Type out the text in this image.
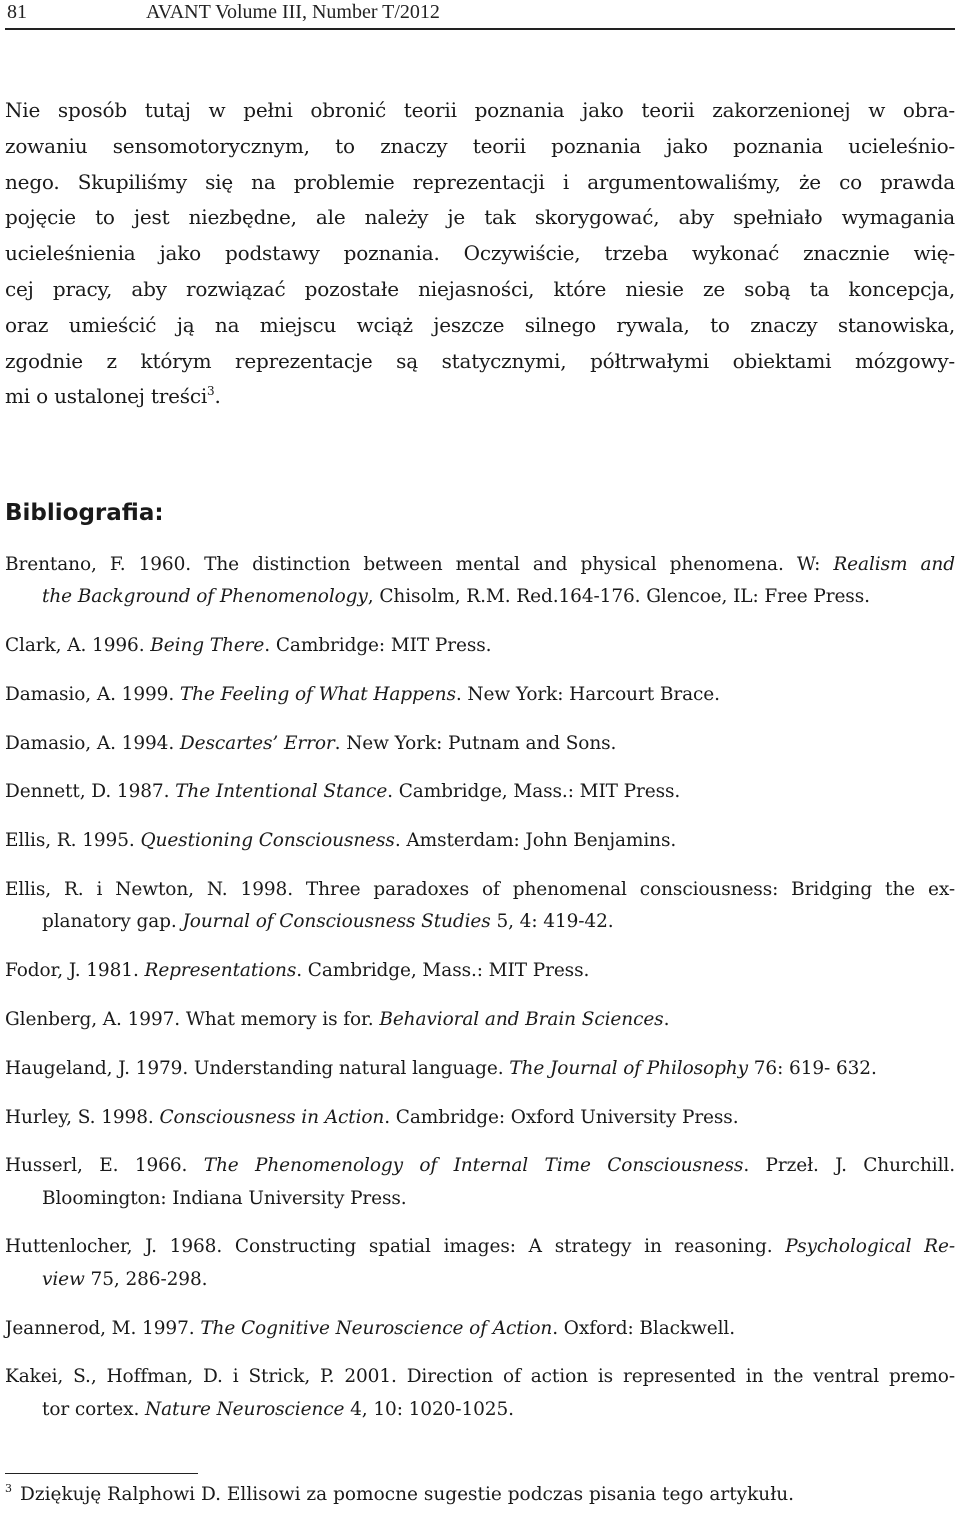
81	AVANT Volume III, Number T/2012
Nie sposób tutaj w pełni obronić teorii poznania jako teorii zakorzenionej w obra-
zowaniu sensomotorycznym, to znaczy teorii poznania jako poznania ucieleśnio-
nego. Skupiliśmy się na problemie reprezentacji i argumentowaliśmy, że co prawda
pojęcie to jest niezbędne, ale należy je tak skorygować, aby spełniało wymagania
ucieleśnienia jako podstawy poznania. Oczywiście, trzeba wykonać znacznie wię-
cej pracy, aby rozwiązać pozostałe niejasności, które niesie ze sobą ta koncepcja,
oraz umieścić ją na miejscu wciąż jeszcze silnego rywala, to znaczy stanowiska,
zgodnie z którym reprezentacje są statycznymi, półtrwałymi obiektami mózgowy-
mi o ustalonej treści$^3$.
Bibliografia:
Brentano, F. 1960. The distinction between mental and physical phenomena. W: Realism and
the Background of Phenomenology, Chisolm, R.M. Red.164-176. Glencoe, IL: Free Press.
Clark, A. 1996. Being There. Cambridge: MIT Press.
Damasio, A. 1999. The Feeling of What Happens. New York: Harcourt Brace.
Damasio, A. 1994. Descartes’ Error. New York: Putnam and Sons.
Dennett, D. 1987. The Intentional Stance. Cambridge, Mass.: MIT Press.
Ellis, R. 1995. Questioning Consciousness. Amsterdam: John Benjamins.
Ellis, R. i Newton, N. 1998. Three paradoxes of phenomenal consciousness: Bridging the ex-
planatory gap. Journal of Consciousness Studies 5, 4: 419-42.
Fodor, J. 1981. Representations. Cambridge, Mass.: MIT Press.
Glenberg, A. 1997. What memory is for. Behavioral and Brain Sciences.
Haugeland, J. 1979. Understanding natural language. The Journal of Philosophy 76: 619- 632.
Hurley, S. 1998. Consciousness in Action. Cambridge: Oxford University Press.
Husserl, E. 1966. The Phenomenology of Internal Time Consciousness. Przeł. J. Churchill.
Bloomington: Indiana University Press.
Huttenlocher, J. 1968. Constructing spatial images: A strategy in reasoning. Psychological Re-
view 75, 286-298.
Jeannerod, M. 1997. The Cognitive Neuroscience of Action. Oxford: Blackwell.
Kakei, S., Hoffman, D. i Strick, P. 2001. Direction of action is represented in the ventral premo-
tor cortex. Nature Neuroscience 4, 10: 1020-1025.
$^3$ Dziękuję Ralphowi D. Ellisowi za pomocne sugestie podczas pisania tego artykułu.
